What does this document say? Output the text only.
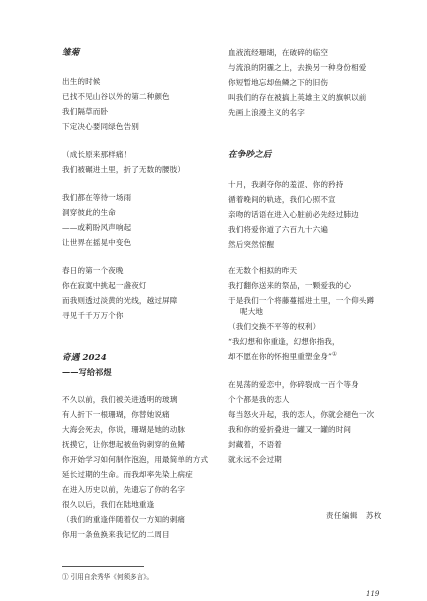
雏菊
出生的时候
已找不见山谷以外的第二种颜色
我们隔草而卧
下定决心要同绿色告别
（成长原来那样痛！
我们被碾进土里，折了无数的腰肢）
我们都在等待一场雨
洞穿彼此的生命
——或莉盼风声响起
让世界在摇晃中变色
春日的第一个夜晚
你在寂寞中挑起一盏夜灯
而我则透过淡黄的光线，越过屏障
寻见千千万万个你
奇遇 2024
——写给祁煜
不久以前，我们被关进透明的玻璃
有人折下一根珊瑚，你替她说痛
大海会死去，你说，珊瑚是她的动脉
抚摸它，让你想起被鱼钩刺穿的鱼鳍
你开始学习如何制作泡泡，用最简单的方式
延长过期的生命。而我却率先染上病症
在进入历史以前，先遗忘了你的名字
很久以后，我们在陆地重逢
（我们的重逢伴随着仅一方知的刺痛
你用一条鱼换来我记忆的二周目
血液流经珊瑚，在破碎的临空
与流浪的阴霾之上，去换另一种身份相爱
你短暂地忘却鱼鳞之下的旧伤
叫我们的存在被搞上英雄主义的旗帜以前
先画上浪漫主义的名字
在争吵之后
十月，我剥夺你的羞涩、你的矜持
循着晚间的轨迹，我们心照不宣
亲吻的话语在进入心脏前必先经过肺边
我们将爱你道了六百九十六遍
然后突然惊醒
在无数个相拟的昨天
我打翻你送来的祭品，一颗爱我的心
于是我们一个将藤蔓摇进土里，一个仰头蹲
呢大地
（我们交换不平等的权利）
“我幻想和你重逢，幻想你指我，
却不愿在你的怀抱里重塑金身”①
在晃荡的爱恋中，你碎裂成一百个等身
个个都是我的恋人
每当怒火升起，我的恋人，你就会褪色一次
我和你的爱折叠进一罐又一罐的时间
封藏着，不语着
就永远不会过期
责任编辑　苏枚
① 引用自余秀华《何须多言》。
119
